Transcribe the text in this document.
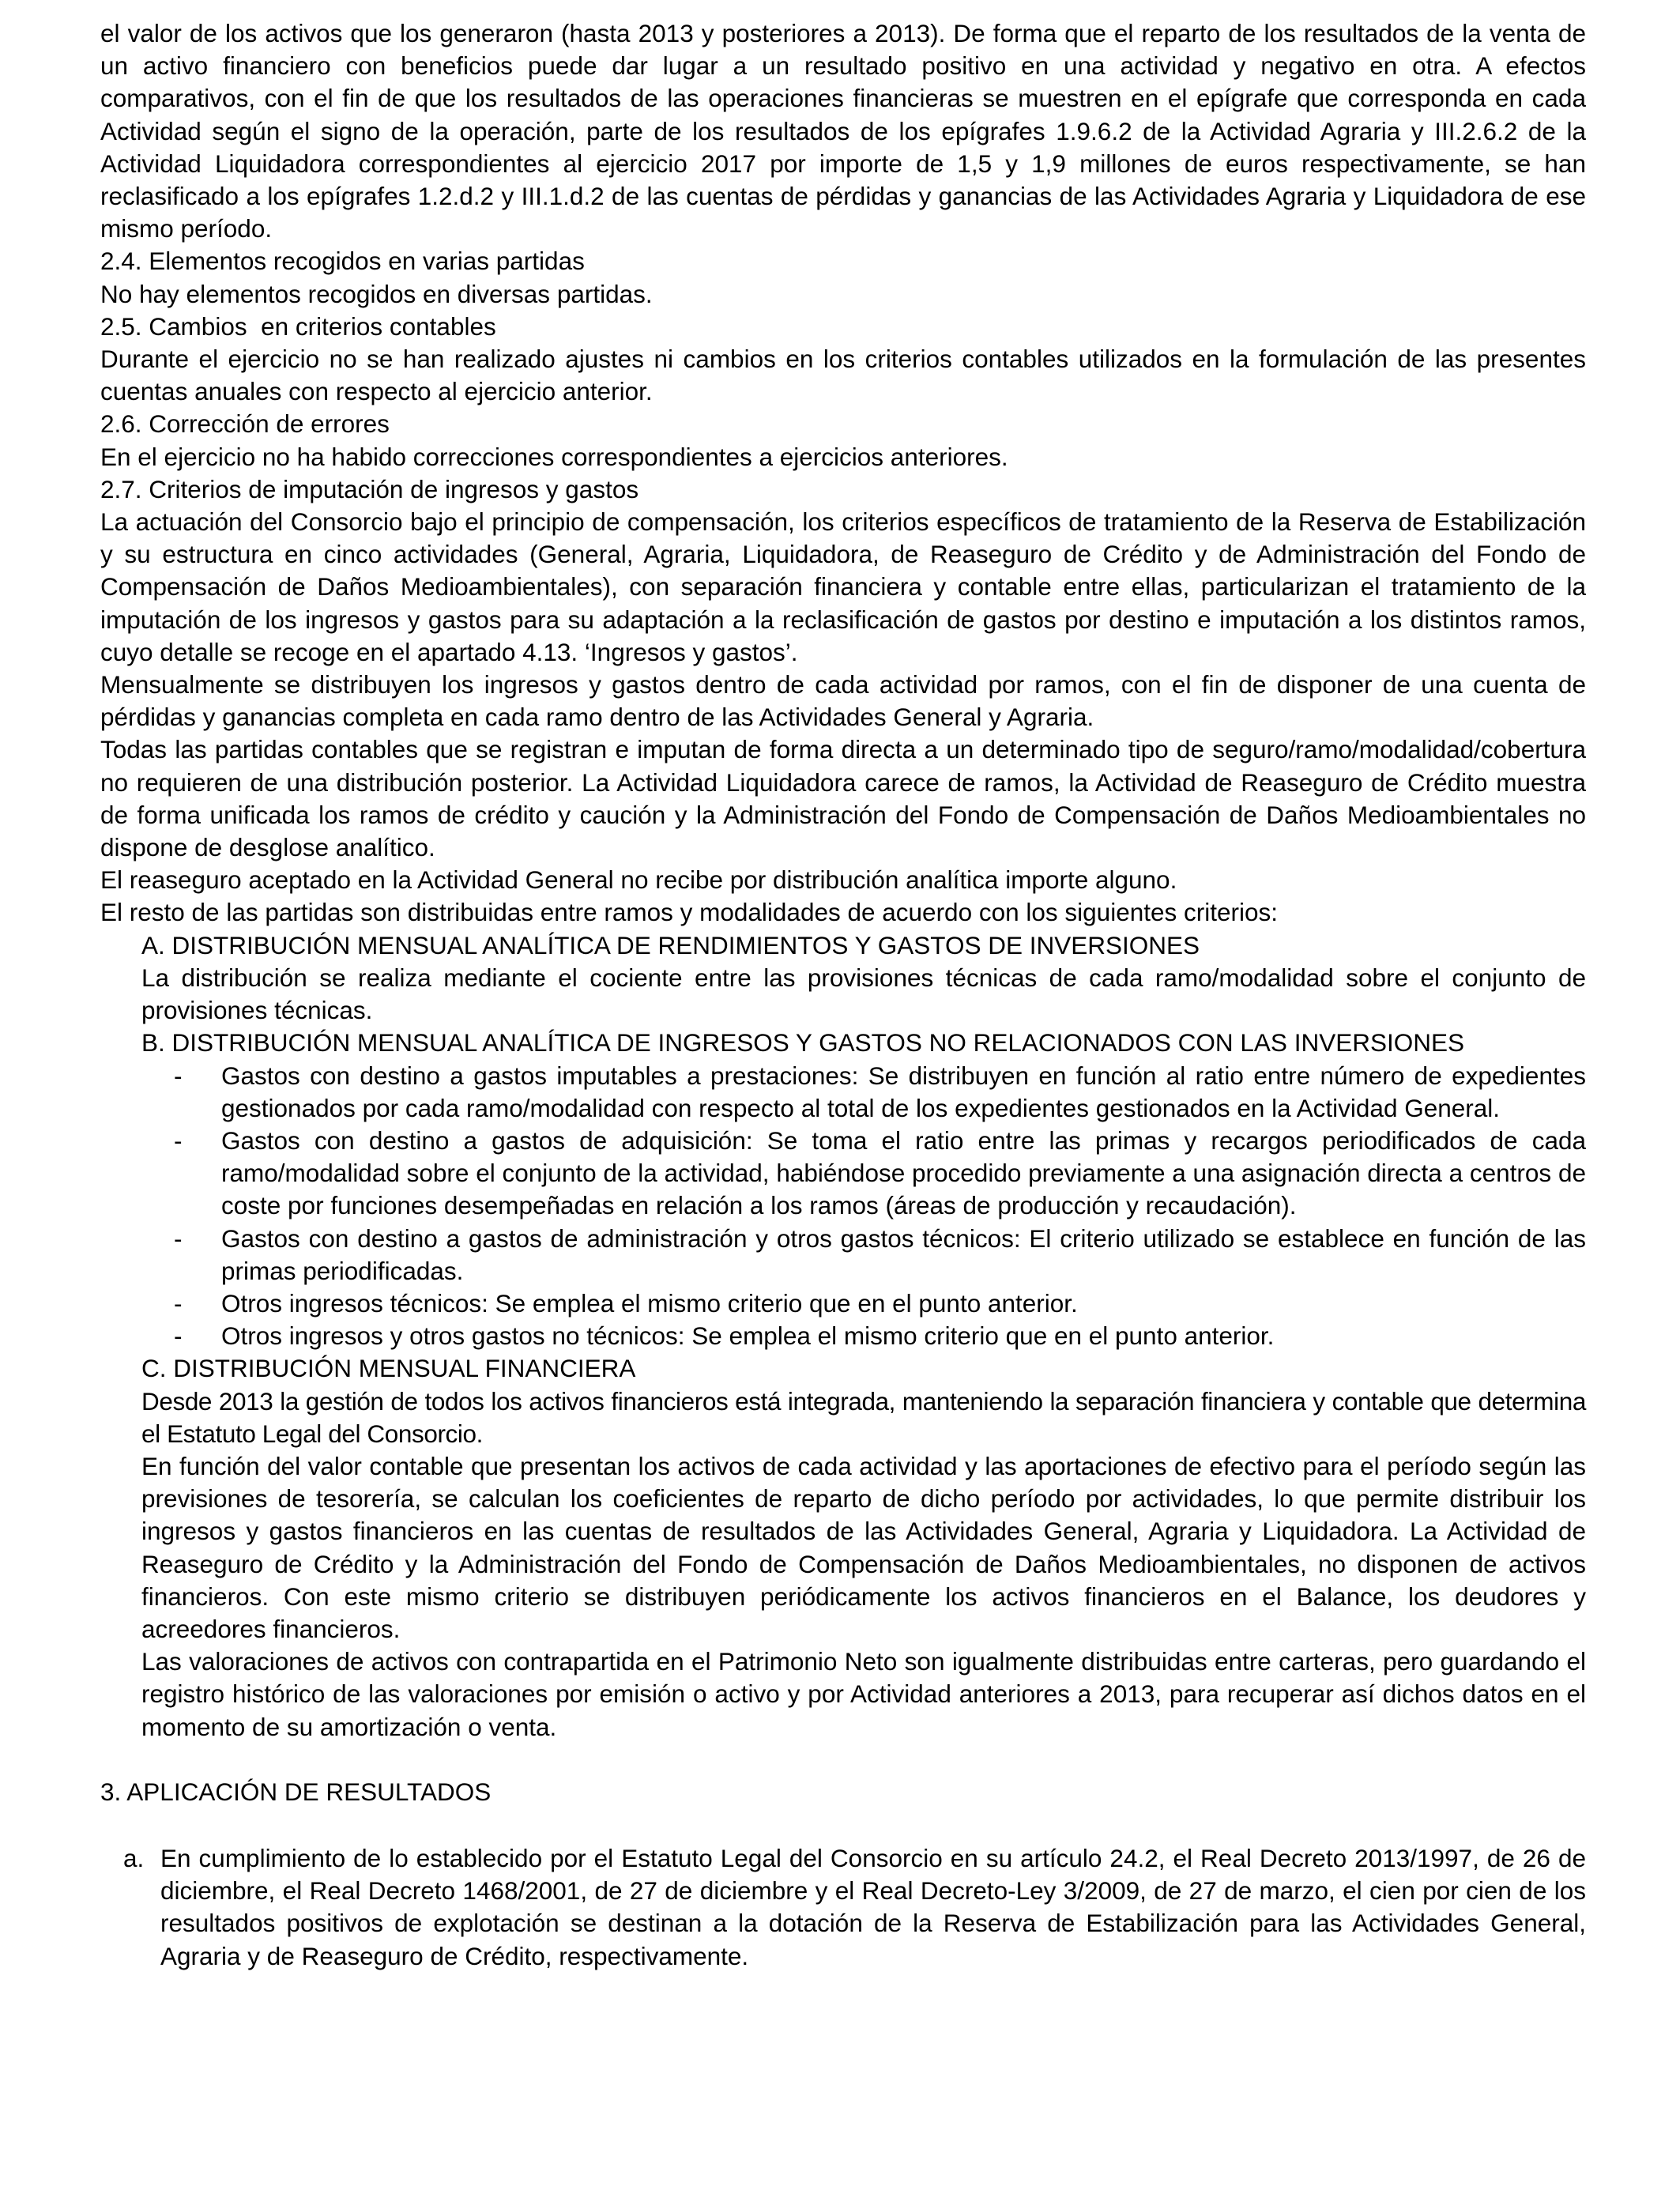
el valor de los activos que los generaron (hasta 2013 y posteriores a 2013). De forma que el reparto de los resultados de la venta de un activo financiero con beneficios puede dar lugar a un resultado positivo en una actividad y negativo en otra. A efectos comparativos, con el fin de que los resultados de las operaciones financieras se muestren en el epígrafe que corresponda en cada Actividad según el signo de la operación, parte de los resultados de los epígrafes 1.9.6.2 de la Actividad Agraria y III.2.6.2 de la Actividad Liquidadora correspondientes al ejercicio 2017 por importe de 1,5 y 1,9 millones de euros respectivamente, se han reclasificado a los epígrafes 1.2.d.2 y III.1.d.2 de las cuentas de pérdidas y ganancias de las Actividades Agraria y Liquidadora de ese mismo período.

2.4. Elementos recogidos en varias partidas

No hay elementos recogidos en diversas partidas.

2.5. Cambios  en criterios contables

Durante el ejercicio no se han realizado ajustes ni cambios en los criterios contables utilizados en la formulación de las presentes cuentas anuales con respecto al ejercicio anterior.

2.6. Corrección de errores

En el ejercicio no ha habido correcciones correspondientes a ejercicios anteriores.

2.7. Criterios de imputación de ingresos y gastos

La actuación del Consorcio bajo el principio de compensación, los criterios específicos de tratamiento de la Reserva de Estabilización y su estructura en cinco actividades (General, Agraria, Liquidadora, de Reaseguro de Crédito y de Administración del Fondo de Compensación de Daños Medioambientales), con separación financiera y contable entre ellas, particularizan el tratamiento de la imputación de los ingresos y gastos para su adaptación a la reclasificación de gastos por destino e imputación a los distintos ramos, cuyo detalle se recoge en el apartado 4.13. ‘Ingresos y gastos’.

Mensualmente se distribuyen los ingresos y gastos dentro de cada actividad por ramos, con el fin de disponer de una cuenta de pérdidas y ganancias completa en cada ramo dentro de las Actividades General y Agraria.

Todas las partidas contables que se registran e imputan de forma directa a un determinado tipo de seguro/ramo/modalidad/cobertura no requieren de una distribución posterior. La Actividad Liquidadora carece de ramos, la Actividad de Reaseguro de Crédito muestra de forma unificada los ramos de crédito y caución y la Administración del Fondo de Compensación de Daños Medioambientales no dispone de desglose analítico.

El reaseguro aceptado en la Actividad General no recibe por distribución analítica importe alguno.

El resto de las partidas son distribuidas entre ramos y modalidades de acuerdo con los siguientes criterios:

A. DISTRIBUCIÓN MENSUAL ANALÍTICA DE RENDIMIENTOS Y GASTOS DE INVERSIONES

La distribución se realiza mediante el cociente entre las provisiones técnicas de cada ramo/modalidad sobre el conjunto de provisiones técnicas.

B. DISTRIBUCIÓN MENSUAL ANALÍTICA DE INGRESOS Y GASTOS NO RELACIONADOS CON LAS INVERSIONES

- Gastos con destino a gastos imputables a prestaciones: Se distribuyen en función al ratio entre número de expedientes gestionados por cada ramo/modalidad con respecto al total de los expedientes gestionados en la Actividad General.
- Gastos con destino a gastos de adquisición: Se toma el ratio entre las primas y recargos periodificados de cada ramo/modalidad sobre el conjunto de la actividad, habiéndose procedido previamente a una asignación directa a centros de coste por funciones desempeñadas en relación a los ramos (áreas de producción y recaudación).
- Gastos con destino a gastos de administración y otros gastos técnicos: El criterio utilizado se establece en función de las primas periodificadas.
- Otros ingresos técnicos: Se emplea el mismo criterio que en el punto anterior.
- Otros ingresos y otros gastos no técnicos: Se emplea el mismo criterio que en el punto anterior.

C. DISTRIBUCIÓN MENSUAL FINANCIERA

Desde 2013 la gestión de todos los activos financieros está integrada, manteniendo la separación financiera y contable que determina el Estatuto Legal del Consorcio.

En función del valor contable que presentan los activos de cada actividad y las aportaciones de efectivo para el período según las previsiones de tesorería, se calculan los coeficientes de reparto de dicho período por actividades, lo que permite distribuir los ingresos y gastos financieros en las cuentas de resultados de las Actividades General, Agraria y Liquidadora. La Actividad de Reaseguro de Crédito y la Administración del Fondo de Compensación de Daños Medioambientales, no disponen de activos financieros. Con este mismo criterio se distribuyen periódicamente los activos financieros en el Balance, los deudores y acreedores financieros.

Las valoraciones de activos con contrapartida en el Patrimonio Neto son igualmente distribuidas entre carteras, pero guardando el registro histórico de las valoraciones por emisión o activo y por Actividad anteriores a 2013, para recuperar así dichos datos en el momento de su amortización o venta.

3. APLICACIÓN DE RESULTADOS

a. En cumplimiento de lo establecido por el Estatuto Legal del Consorcio en su artículo 24.2, el Real Decreto 2013/1997, de 26 de diciembre, el Real Decreto 1468/2001, de 27 de diciembre y el Real Decreto-Ley 3/2009, de 27 de marzo, el cien por cien de los resultados positivos de explotación se destinan a la dotación de la Reserva de Estabilización para las Actividades General, Agraria y de Reaseguro de Crédito, respectivamente.
